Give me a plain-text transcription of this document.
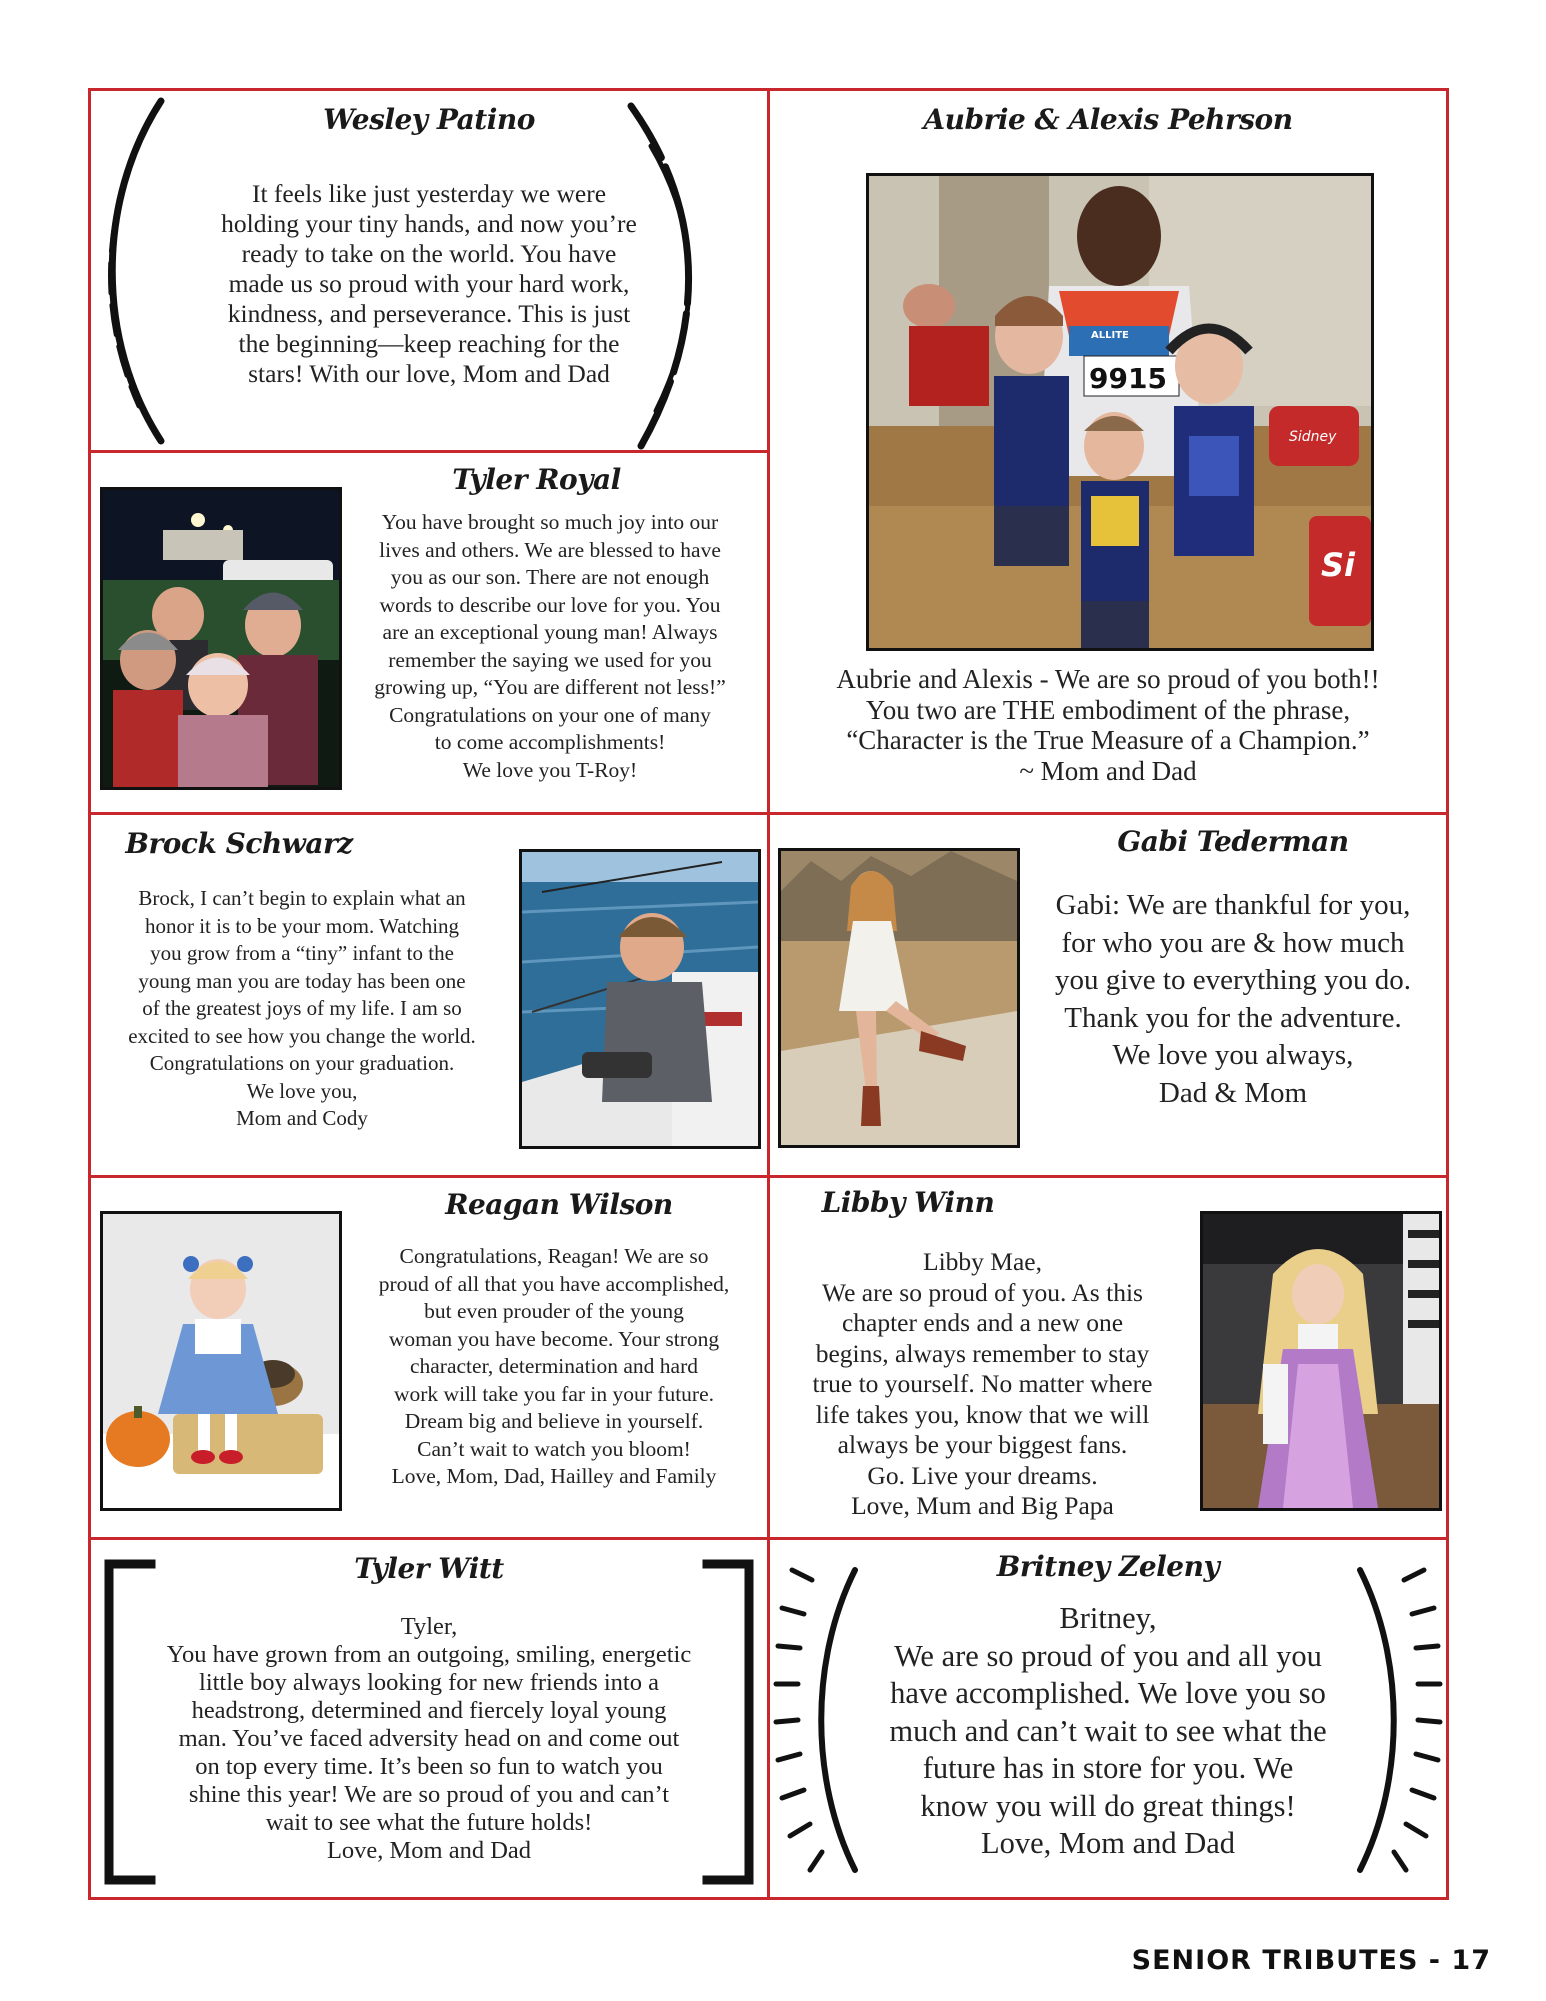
Wesley Patino
It feels like just yesterday we were
holding your tiny hands, and now you’re
ready to take on the world. You have
made us so proud with your hard work,
kindness, and perseverance. This is just
the beginning—keep reaching for the
stars! With our love, Mom and Dad
Aubrie & Alexis Pehrson
Sidney
Si
ALLITE
9915
Aubrie and Alexis - We are so proud of you both!!
You two are THE embodiment of the phrase,
“Character is the True Measure of a Champion.”
~ Mom and Dad
Tyler Royal
You have brought so much joy into our
lives and others. We are blessed to have
you as our son. There are not enough
words to describe our love for you. You
are an exceptional young man! Always
remember the saying we used for you
growing up, “You are different not less!”
Congratulations on your one of many
to come accomplishments!
We love you T-Roy!
Brock Schwarz
Brock, I can’t begin to explain what an
honor it is to be your mom. Watching
you grow from a “tiny” infant to the
young man you are today has been one
of the greatest joys of my life. I am so
excited to see how you change the world.
Congratulations on your graduation.
We love you,
Mom and Cody
Gabi Tederman
Gabi: We are thankful for you,
for who you are & how much
you give to everything you do.
Thank you for the adventure.
We love you always,
Dad & Mom
Reagan Wilson
Congratulations, Reagan! We are so
proud of all that you have accomplished,
but even prouder of the young
woman you have become. Your strong
character, determination and hard
work will take you far in your future.
Dream big and believe in yourself.
Can’t wait to watch you bloom!
Love, Mom, Dad, Hailley and Family
Libby Winn
Libby Mae,
We are so proud of you. As this
chapter ends and a new one
begins, always remember to stay
true to yourself. No matter where
life takes you, know that we will
always be your biggest fans.
Go. Live your dreams.
Love, Mum and Big Papa
Tyler Witt
Tyler,
You have grown from an outgoing, smiling, energetic
little boy always looking for new friends into a
headstrong, determined and fiercely loyal young
man. You’ve faced adversity head on and come out
on top every time. It’s been so fun to watch you
shine this year! We are so proud of you and can’t
wait to see what the future holds!
Love, Mom and Dad
Britney Zeleny
Britney,
We are so proud of you and all you
have accomplished. We love you so
much and can’t wait to see what the
future has in store for you. We
know you will do great things!
Love, Mom and Dad
SENIOR TRIBUTES - 17
